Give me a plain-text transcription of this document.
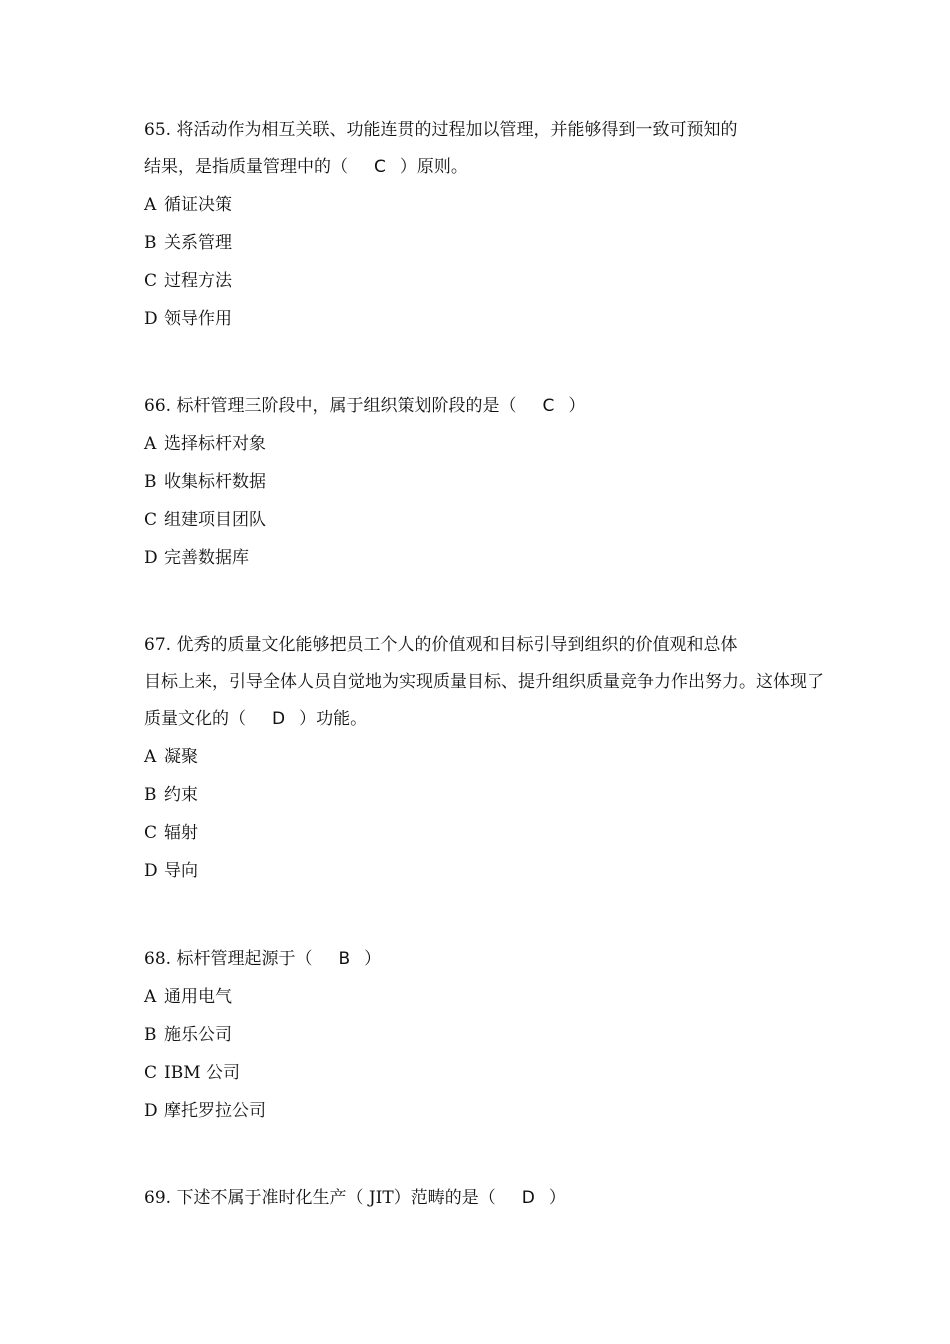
65. 将活动作为相互关联、功能连贯的过程加以管理，并能够得到一致可预知的
结果，是指质量管理中的（ C ）原则。
A 循证决策
B 关系管理
C 过程方法
D 领导作用
66. 标杆管理三阶段中，属于组织策划阶段的是（ C ）
A 选择标杆对象
B 收集标杆数据
C 组建项目团队
D 完善数据库
67. 优秀的质量文化能够把员工个人的价值观和目标引导到组织的价值观和总体
目标上来，引导全体人员自觉地为实现质量目标、提升组织质量竞争力作出努力。这体现了
质量文化的（ D ）功能。
A 凝聚
B 约束
C 辐射
D 导向
68. 标杆管理起源于（ B ）
A 通用电气
B 施乐公司
C IBM 公司
D 摩托罗拉公司
69. 下述不属于准时化生产（ JIT）范畴的是（ D ）
